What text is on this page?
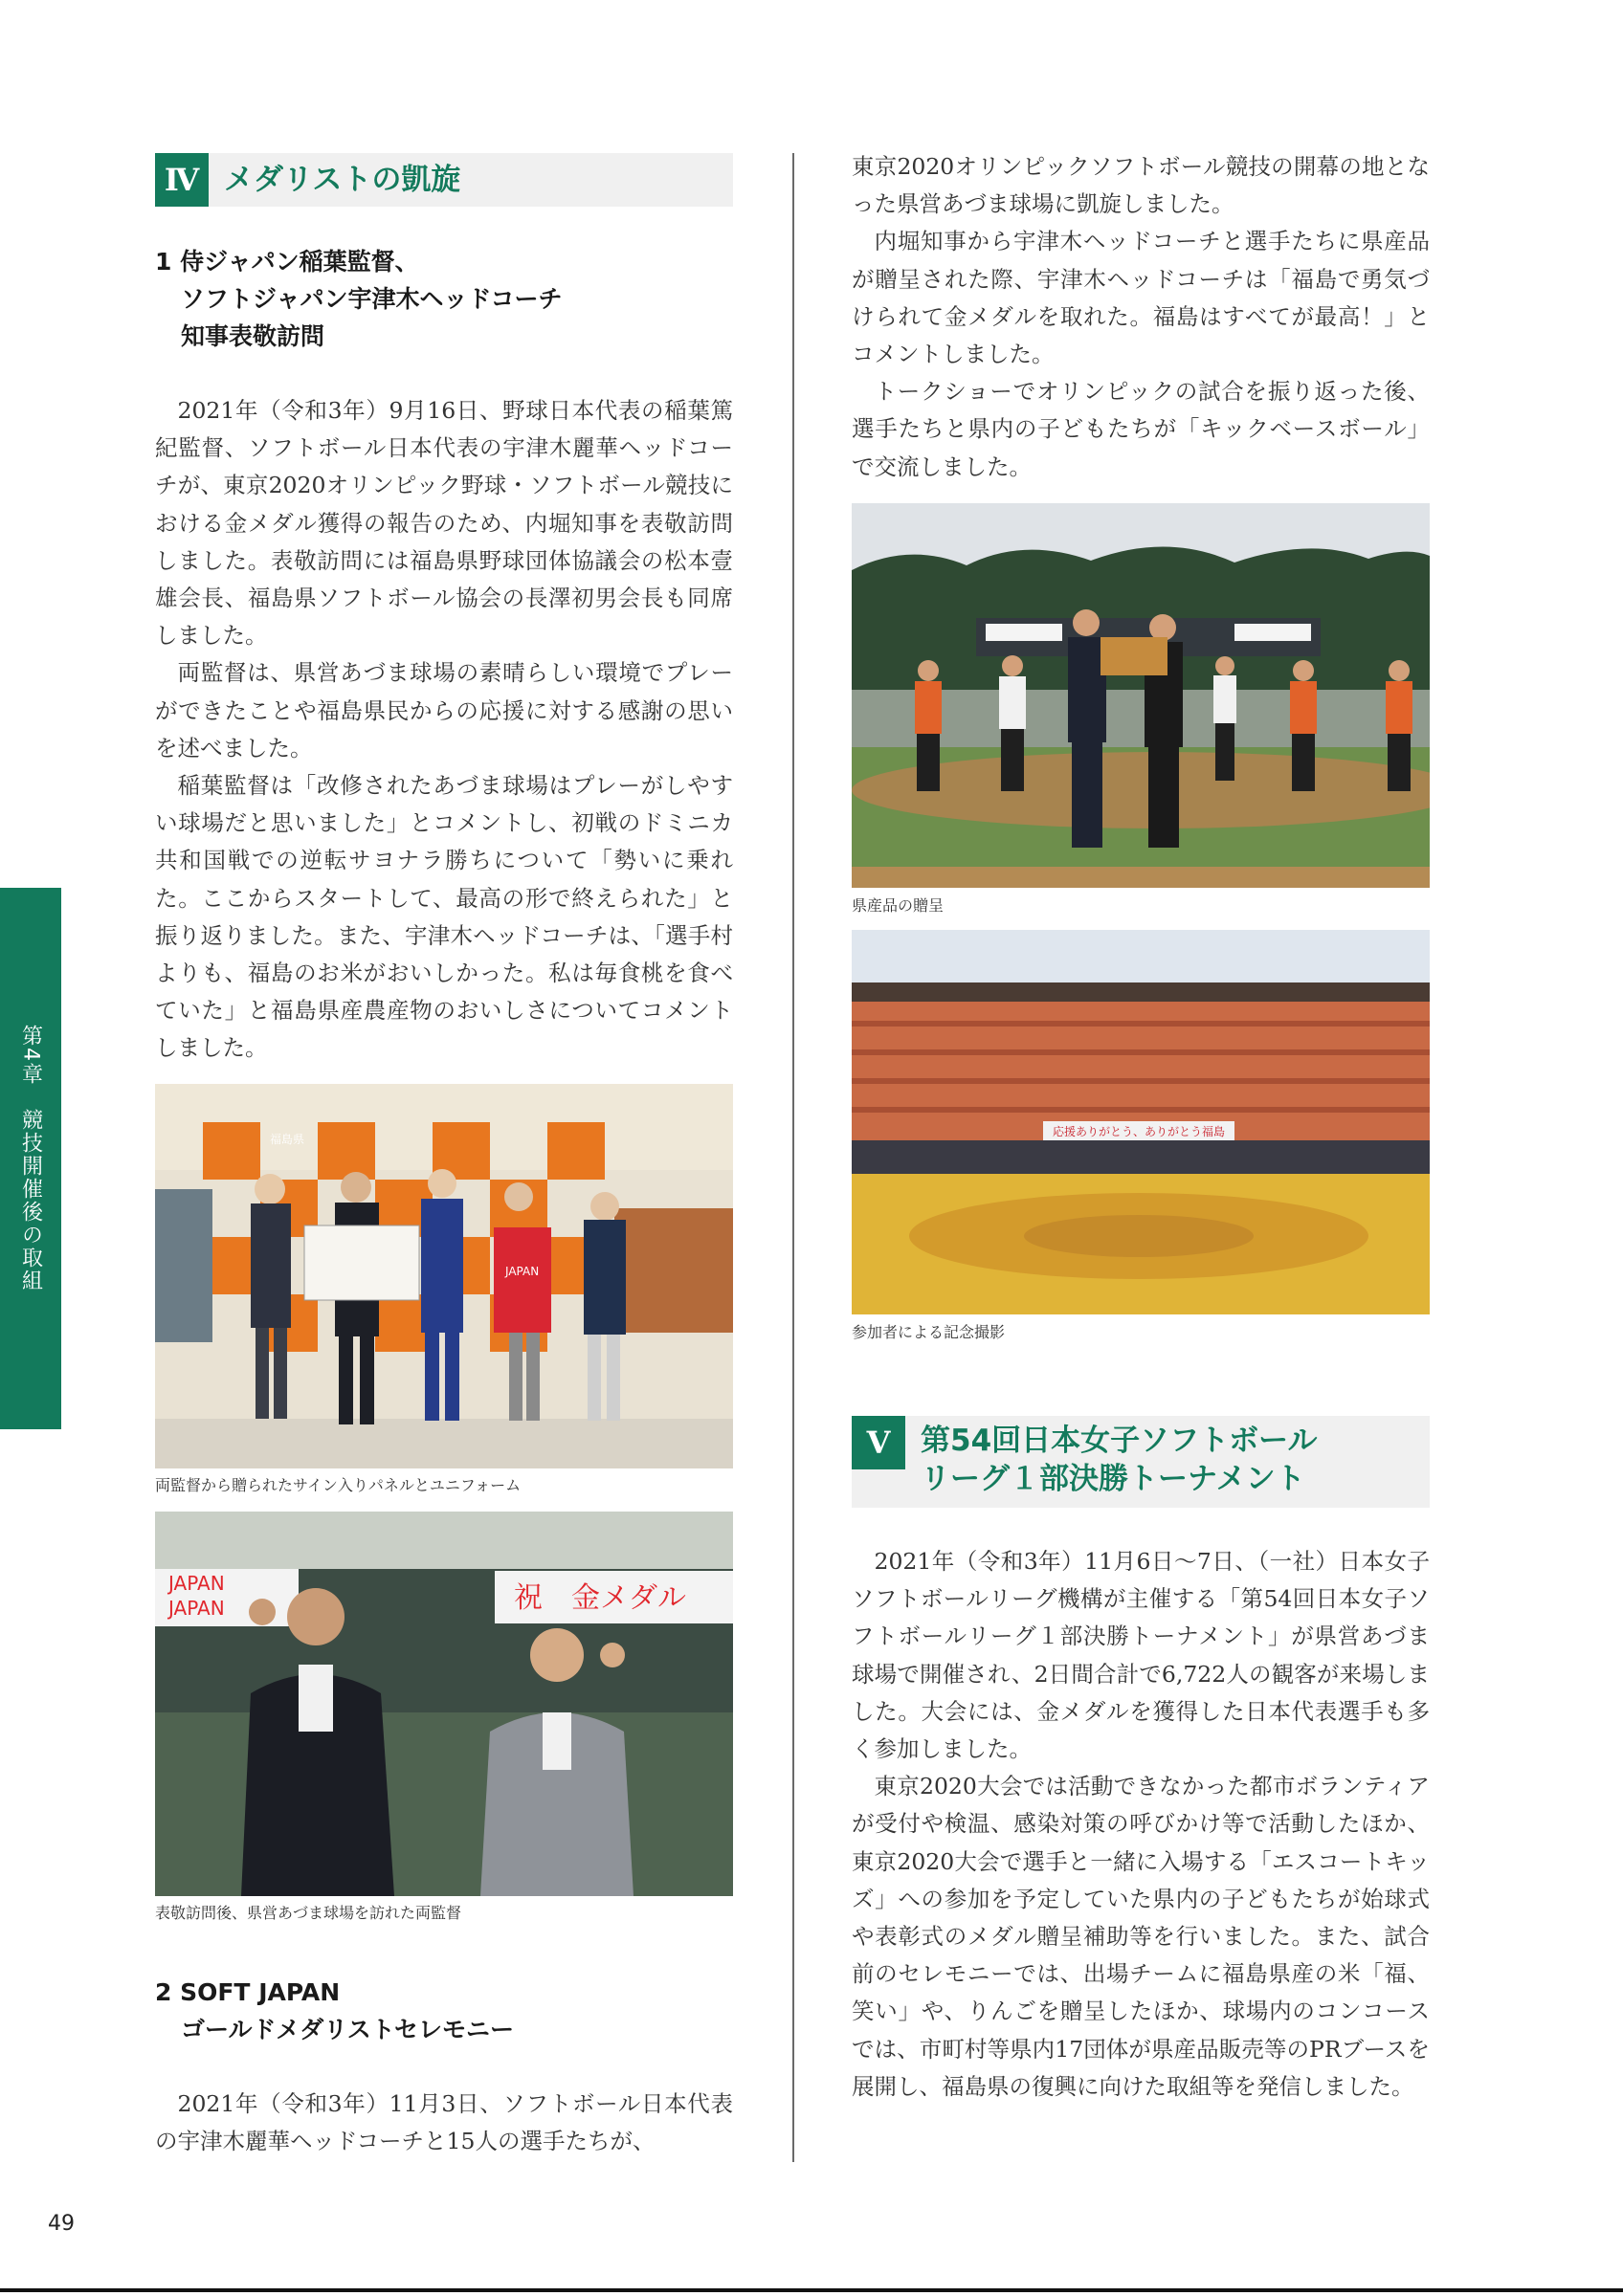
第4章　競技開催後の取組
Ⅳ メダリストの凱旋
1 侍ジャパン稲葉監督、
ソフトジャパン宇津木ヘッドコーチ
知事表敬訪問

2021年（令和3年）9月16日、野球日本代表の稲葉篤紀監督、ソフトボール日本代表の宇津木麗華ヘッドコーチが、東京2020オリンピック野球・ソフトボール競技における金メダル獲得の報告のため、内堀知事を表敬訪問しました。表敬訪問には福島県野球団体協議会の松本壹雄会長、福島県ソフトボール協会の長澤初男会長も同席しました。

両監督は、県営あづま球場の素晴らしい環境でプレーができたことや福島県民からの応援に対する感謝の思いを述べました。

稲葉監督は「改修されたあづま球場はプレーがしやすい球場だと思いました」とコメントし、初戦のドミニカ共和国戦での逆転サヨナラ勝ちについて「勢いに乗れた。ここからスタートして、最高の形で終えられた」と振り返りました。また、宇津木ヘッドコーチは、「選手村よりも、福島のお米がおいしかった。私は毎食桃を食べていた」と福島県産農産物のおいしさについてコメントしました。

福島県
JAPAN
両監督から贈られたサイン入りパネルとユニフォーム
JAPAN
JAPAN	祝　金メダル
表敬訪問後、県営あづま球場を訪れた両監督
2 SOFT JAPAN
ゴールドメダリストセレモニー

2021年（令和3年）11月3日、ソフトボール日本代表の宇津木麗華ヘッドコーチと15人の選手たちが、

東京2020オリンピックソフトボール競技の開幕の地となった県営あづま球場に凱旋しました。

内堀知事から宇津木ヘッドコーチと選手たちに県産品が贈呈された際、宇津木ヘッドコーチは「福島で勇気づけられて金メダルを取れた。福島はすべてが最高！」とコメントしました。

トークショーでオリンピックの試合を振り返った後、選手たちと県内の子どもたちが「キックベースボール」で交流しました。

県産品の贈呈
応援ありがとう、ありがとう福島
参加者による記念撮影
Ⅴ	第54回日本女子ソフトボール
リーグ１部決勝トーナメント

2021年（令和3年）11月6日～7日、（一社）日本女子ソフトボールリーグ機構が主催する「第54回日本女子ソフトボールリーグ１部決勝トーナメント」が県営あづま球場で開催され、2日間合計で6,722人の観客が来場しました。大会には、金メダルを獲得した日本代表選手も多く参加しました。

東京2020大会では活動できなかった都市ボランティアが受付や検温、感染対策の呼びかけ等で活動したほか、東京2020大会で選手と一緒に入場する「エスコートキッズ」への参加を予定していた県内の子どもたちが始球式や表彰式のメダル贈呈補助等を行いました。また、試合前のセレモニーでは、出場チームに福島県産の米「福、笑い」や、りんごを贈呈したほか、球場内のコンコースでは、市町村等県内17団体が県産品販売等のPRブースを展開し、福島県の復興に向けた取組等を発信しました。

49
